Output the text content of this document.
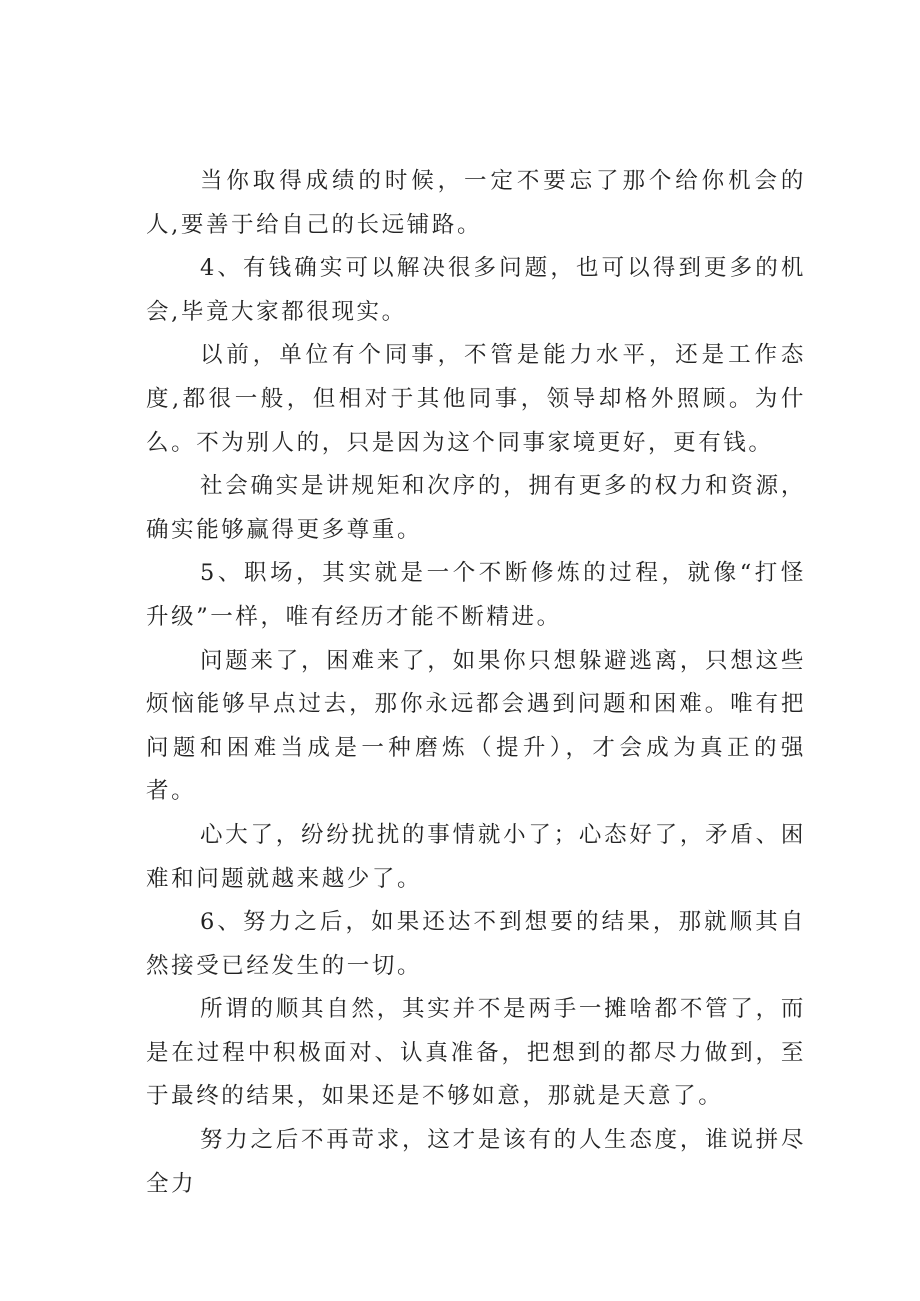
当你取得成绩的时候，一定不要忘了那个给你机会的人,要善于给自己的长远铺路。

4、有钱确实可以解决很多问题，也可以得到更多的机会,毕竟大家都很现实。

以前，单位有个同事，不管是能力水平，还是工作态度,都很一般，但相对于其他同事，领导却格外照顾。为什么。不为别人的，只是因为这个同事家境更好，更有钱。

社会确实是讲规矩和次序的，拥有更多的权力和资源，确实能够赢得更多尊重。

5、职场，其实就是一个不断修炼的过程，就像“打怪升级”一样，唯有经历才能不断精进。

问题来了，困难来了，如果你只想躲避逃离，只想这些烦恼能够早点过去，那你永远都会遇到问题和困难。唯有把问题和困难当成是一种磨炼（提升），才会成为真正的强者。

心大了，纷纷扰扰的事情就小了；心态好了，矛盾、困难和问题就越来越少了。

6、努力之后，如果还达不到想要的结果，那就顺其自然接受已经发生的一切。

所谓的顺其自然，其实并不是两手一摊啥都不管了，而是在过程中积极面对、认真准备，把想到的都尽力做到，至于最终的结果，如果还是不够如意，那就是天意了。

努力之后不再苛求，这才是该有的人生态度，谁说拼尽全力
